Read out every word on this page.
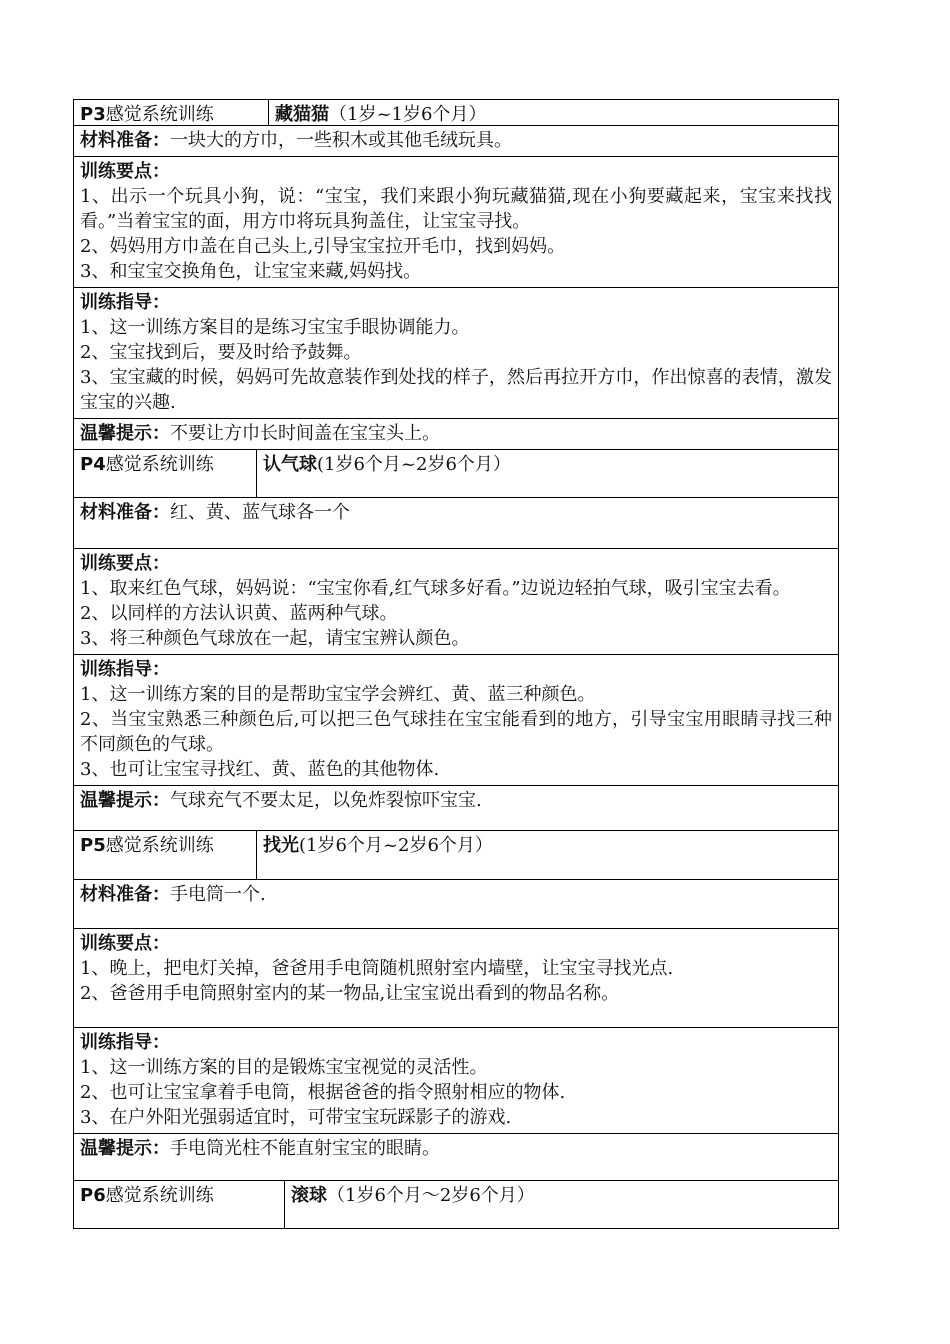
P3感觉系统训练	藏猫猫（1岁~1岁6个月）
材料准备：一块大的方巾，一些积木或其他毛绒玩具。
训练要点：
1、出示一个玩具小狗，说：“宝宝，我们来跟小狗玩藏猫猫,现在小狗要藏起来，宝宝来找找看。”当着宝宝的面，用方巾将玩具狗盖住，让宝宝寻找。
2、妈妈用方巾盖在自己头上,引导宝宝拉开毛巾，找到妈妈。
3、和宝宝交换角色，让宝宝来藏,妈妈找。
训练指导：
1、这一训练方案目的是练习宝宝手眼协调能力。
2、宝宝找到后，要及时给予鼓舞。
3、宝宝藏的时候，妈妈可先故意装作到处找的样子，然后再拉开方巾，作出惊喜的表情，激发宝宝的兴趣.
温馨提示：不要让方巾长时间盖在宝宝头上。
P4感觉系统训练	认气球(1岁6个月~2岁6个月）
材料准备：红、黄、蓝气球各一个
训练要点：
1、取来红色气球，妈妈说：“宝宝你看,红气球多好看。”边说边轻拍气球，吸引宝宝去看。
2、以同样的方法认识黄、蓝两种气球。
3、将三种颜色气球放在一起，请宝宝辨认颜色。
训练指导：
1、这一训练方案的目的是帮助宝宝学会辨红、黄、蓝三种颜色。
2、当宝宝熟悉三种颜色后,可以把三色气球挂在宝宝能看到的地方，引导宝宝用眼睛寻找三种不同颜色的气球。
3、也可让宝宝寻找红、黄、蓝色的其他物体.
温馨提示：气球充气不要太足，以免炸裂惊吓宝宝.
P5感觉系统训练	找光(1岁6个月~2岁6个月）
材料准备：手电筒一个.
训练要点：
1、晚上，把电灯关掉，爸爸用手电筒随机照射室内墙壁，让宝宝寻找光点.
2、爸爸用手电筒照射室内的某一物品,让宝宝说出看到的物品名称。
训练指导：
1、这一训练方案的目的是锻炼宝宝视觉的灵活性。
2、也可让宝宝拿着手电筒，根据爸爸的指令照射相应的物体.
3、在户外阳光强弱适宜时，可带宝宝玩踩影子的游戏.
温馨提示：手电筒光柱不能直射宝宝的眼睛。
P6感觉系统训练	滚球（1岁6个月～2岁6个月）
